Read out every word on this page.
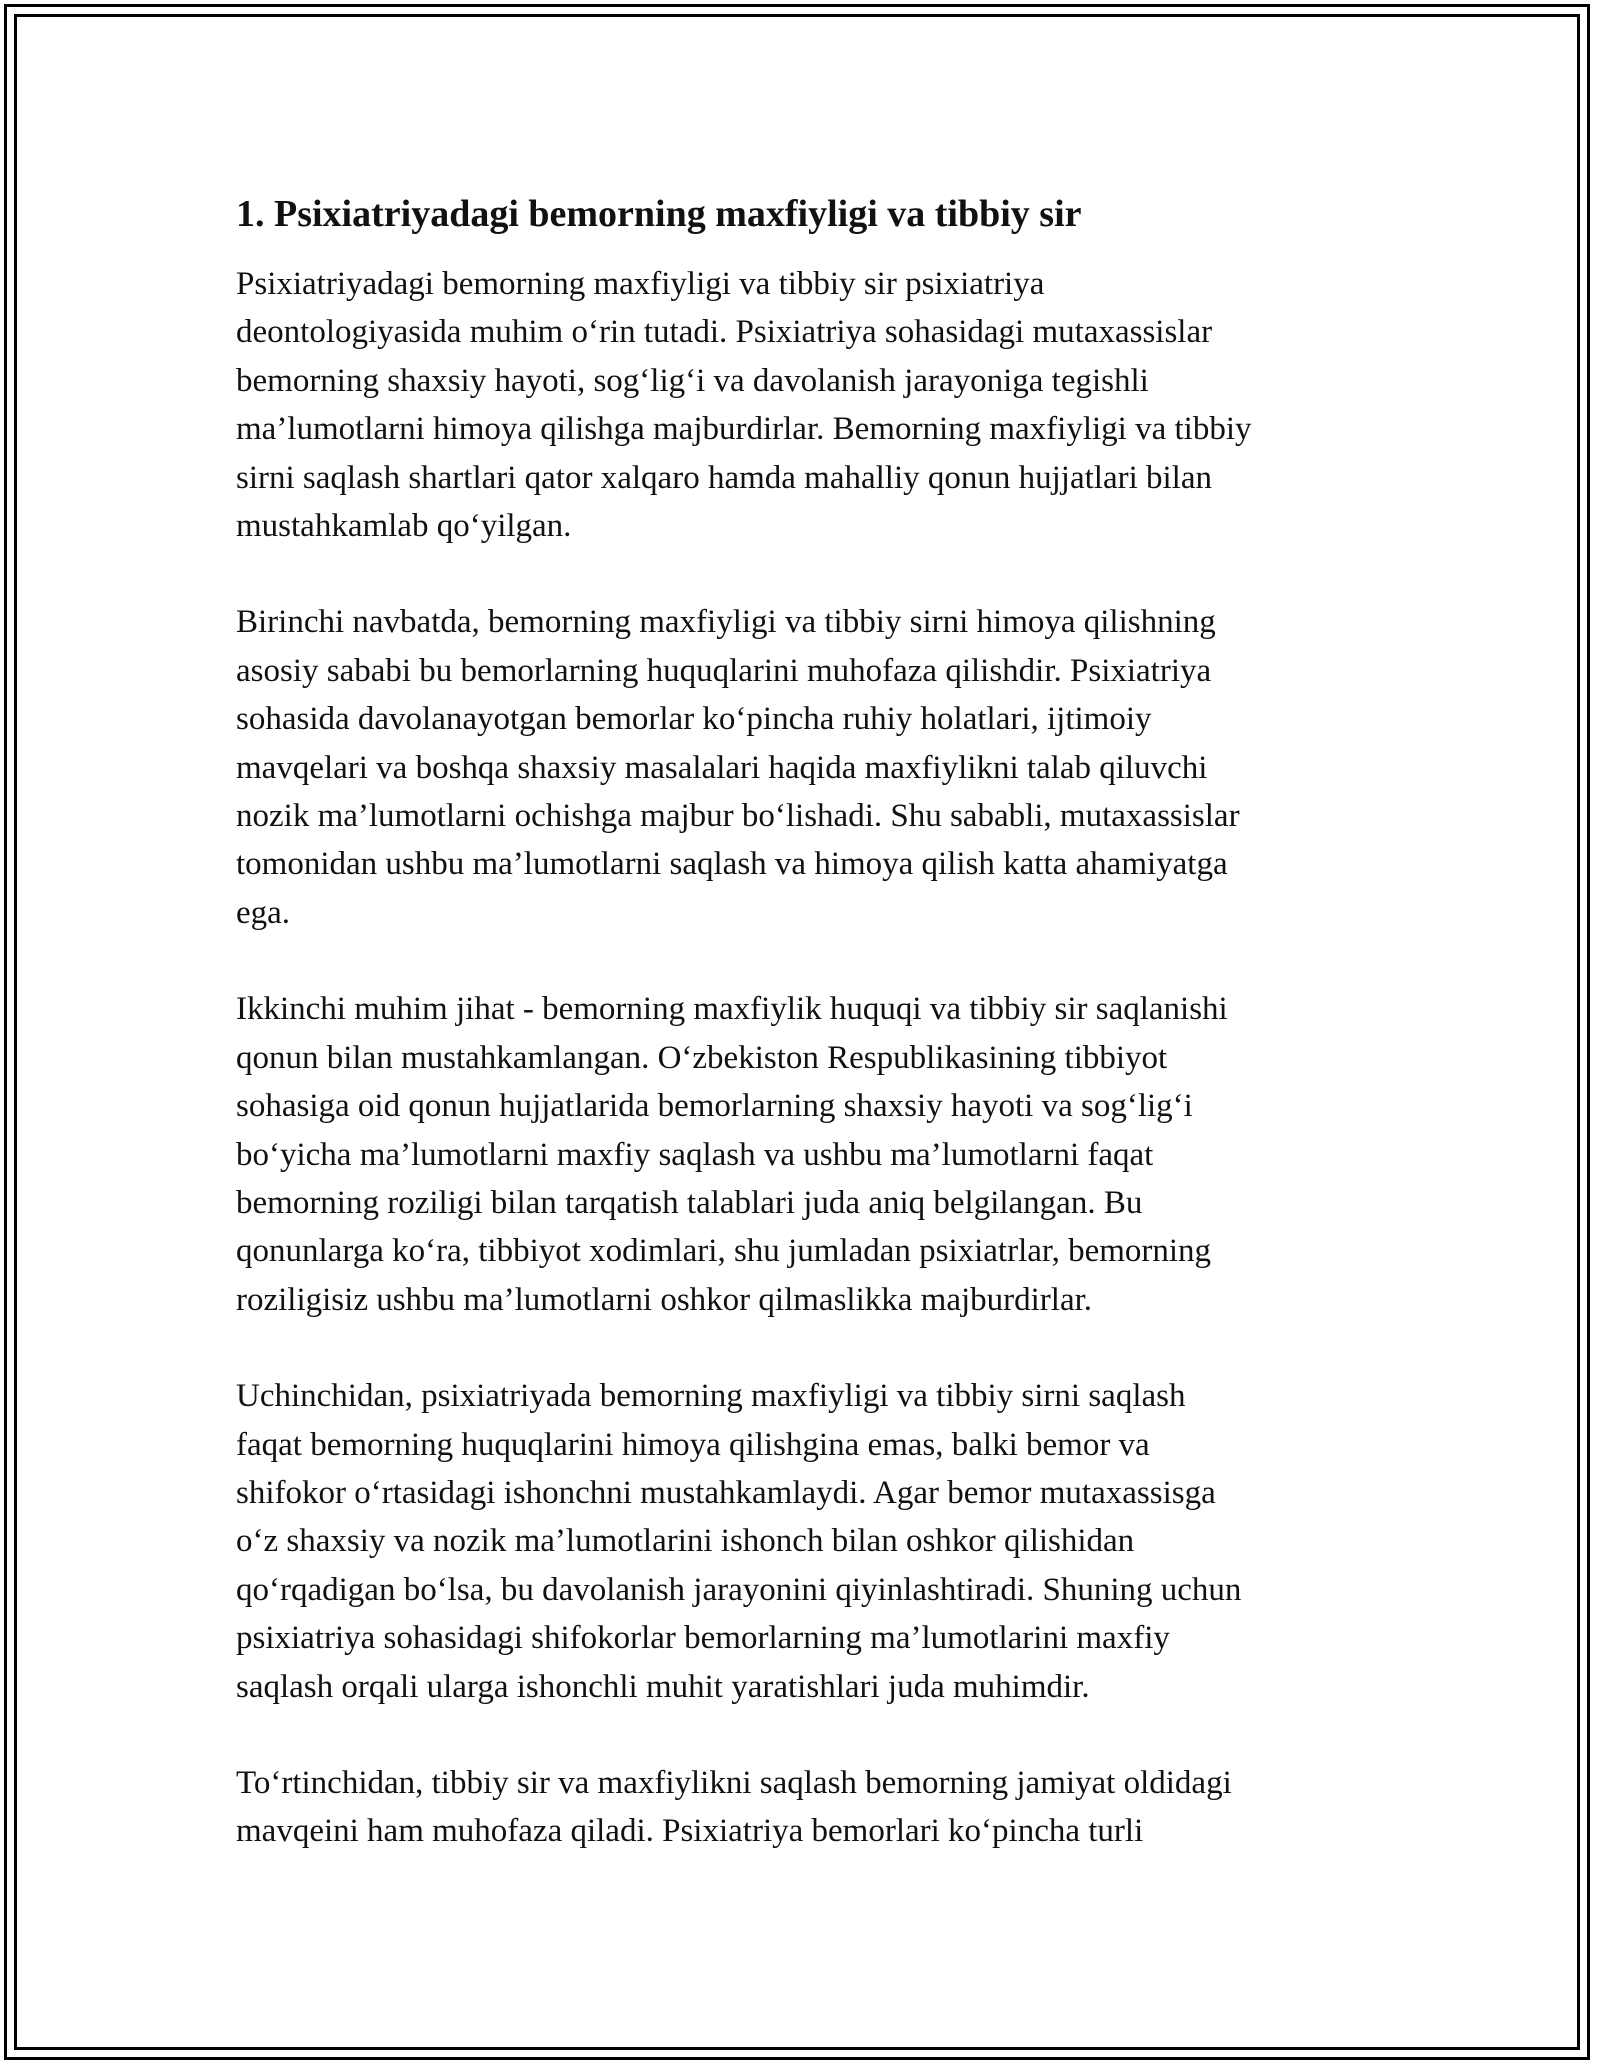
1. Psixiatriyadagi bemorning maxfiyligi va tibbiy sir

Psixiatriyadagi bemorning maxfiyligi va tibbiy sir psixiatriya
deontologiyasida muhim o‘rin tutadi. Psixiatriya sohasidagi mutaxassislar
bemorning shaxsiy hayoti, sog‘lig‘i va davolanish jarayoniga tegishli
ma’lumotlarni himoya qilishga majburdirlar. Bemorning maxfiyligi va tibbiy
sirni saqlash shartlari qator xalqaro hamda mahalliy qonun hujjatlari bilan
mustahkamlab qo‘yilgan.

Birinchi navbatda, bemorning maxfiyligi va tibbiy sirni himoya qilishning
asosiy sababi bu bemorlarning huquqlarini muhofaza qilishdir. Psixiatriya
sohasida davolanayotgan bemorlar ko‘pincha ruhiy holatlari, ijtimoiy
mavqelari va boshqa shaxsiy masalalari haqida maxfiylikni talab qiluvchi
nozik ma’lumotlarni ochishga majbur bo‘lishadi. Shu sababli, mutaxassislar
tomonidan ushbu ma’lumotlarni saqlash va himoya qilish katta ahamiyatga
ega.

Ikkinchi muhim jihat - bemorning maxfiylik huquqi va tibbiy sir saqlanishi
qonun bilan mustahkamlangan. O‘zbekiston Respublikasining tibbiyot
sohasiga oid qonun hujjatlarida bemorlarning shaxsiy hayoti va sog‘lig‘i
bo‘yicha ma’lumotlarni maxfiy saqlash va ushbu ma’lumotlarni faqat
bemorning roziligi bilan tarqatish talablari juda aniq belgilangan. Bu
qonunlarga ko‘ra, tibbiyot xodimlari, shu jumladan psixiatrlar, bemorning
roziligisiz ushbu ma’lumotlarni oshkor qilmaslikka majburdirlar.

Uchinchidan, psixiatriyada bemorning maxfiyligi va tibbiy sirni saqlash
faqat bemorning huquqlarini himoya qilishgina emas, balki bemor va
shifokor o‘rtasidagi ishonchni mustahkamlaydi. Agar bemor mutaxassisga
o‘z shaxsiy va nozik ma’lumotlarini ishonch bilan oshkor qilishidan
qo‘rqadigan bo‘lsa, bu davolanish jarayonini qiyinlashtiradi. Shuning uchun
psixiatriya sohasidagi shifokorlar bemorlarning ma’lumotlarini maxfiy
saqlash orqali ularga ishonchli muhit yaratishlari juda muhimdir.

To‘rtinchidan, tibbiy sir va maxfiylikni saqlash bemorning jamiyat oldidagi
mavqeini ham muhofaza qiladi. Psixiatriya bemorlari ko‘pincha turli
